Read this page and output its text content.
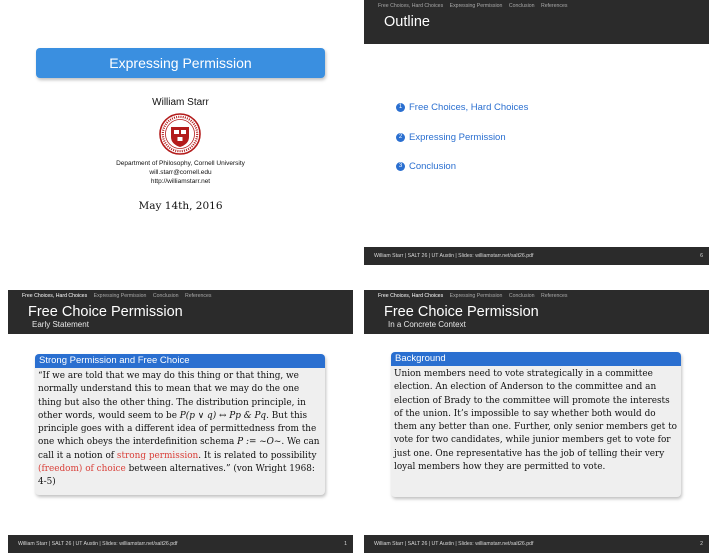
Expressing Permission
William Starr
Department of Philosophy, Cornell University
will.starr@cornell.edu
http://williamstarr.net
May 14th, 2016
Free Choices, Hard Choices Expressing Permission Conclusion References
Outline
1 Free Choices, Hard Choices
2 Expressing Permission
3 Conclusion
William Starr | SALT 26 | UT Austin | Slides: williamstarr.net/salt26.pdf	6
Free Choices, Hard Choices Expressing Permission Conclusion References
Free Choice Permission
Early Statement
Strong Permission and Free Choice
“If we are told that we may do this thing or that thing, we normally understand this to mean that we may do the one thing but also the other thing. The distribution principle, in other words, would seem to be P(p ∨ q) ↔ Pp & Pq. But this principle goes with a different idea of permittedness from the one which obeys the interdefinition schema P := ~O~. We can call it a notion of strong permission. It is related to possibility (freedom) of choice between alternatives.” (von Wright 1968: 4-5)
William Starr | SALT 26 | UT Austin | Slides: williamstarr.net/salt26.pdf	1
Free Choices, Hard Choices Expressing Permission Conclusion References
Free Choice Permission
In a Concrete Context
Background
Union members need to vote strategically in a committee election. An election of Anderson to the committee and an election of Brady to the committee will promote the interests of the union. It’s impossible to say whether both would do them any better than one. Further, only senior members get to vote for two candidates, while junior members get to vote for just one. One representative has the job of telling their very loyal members how they are permitted to vote.
William Starr | SALT 26 | UT Austin | Slides: williamstarr.net/salt26.pdf	2
